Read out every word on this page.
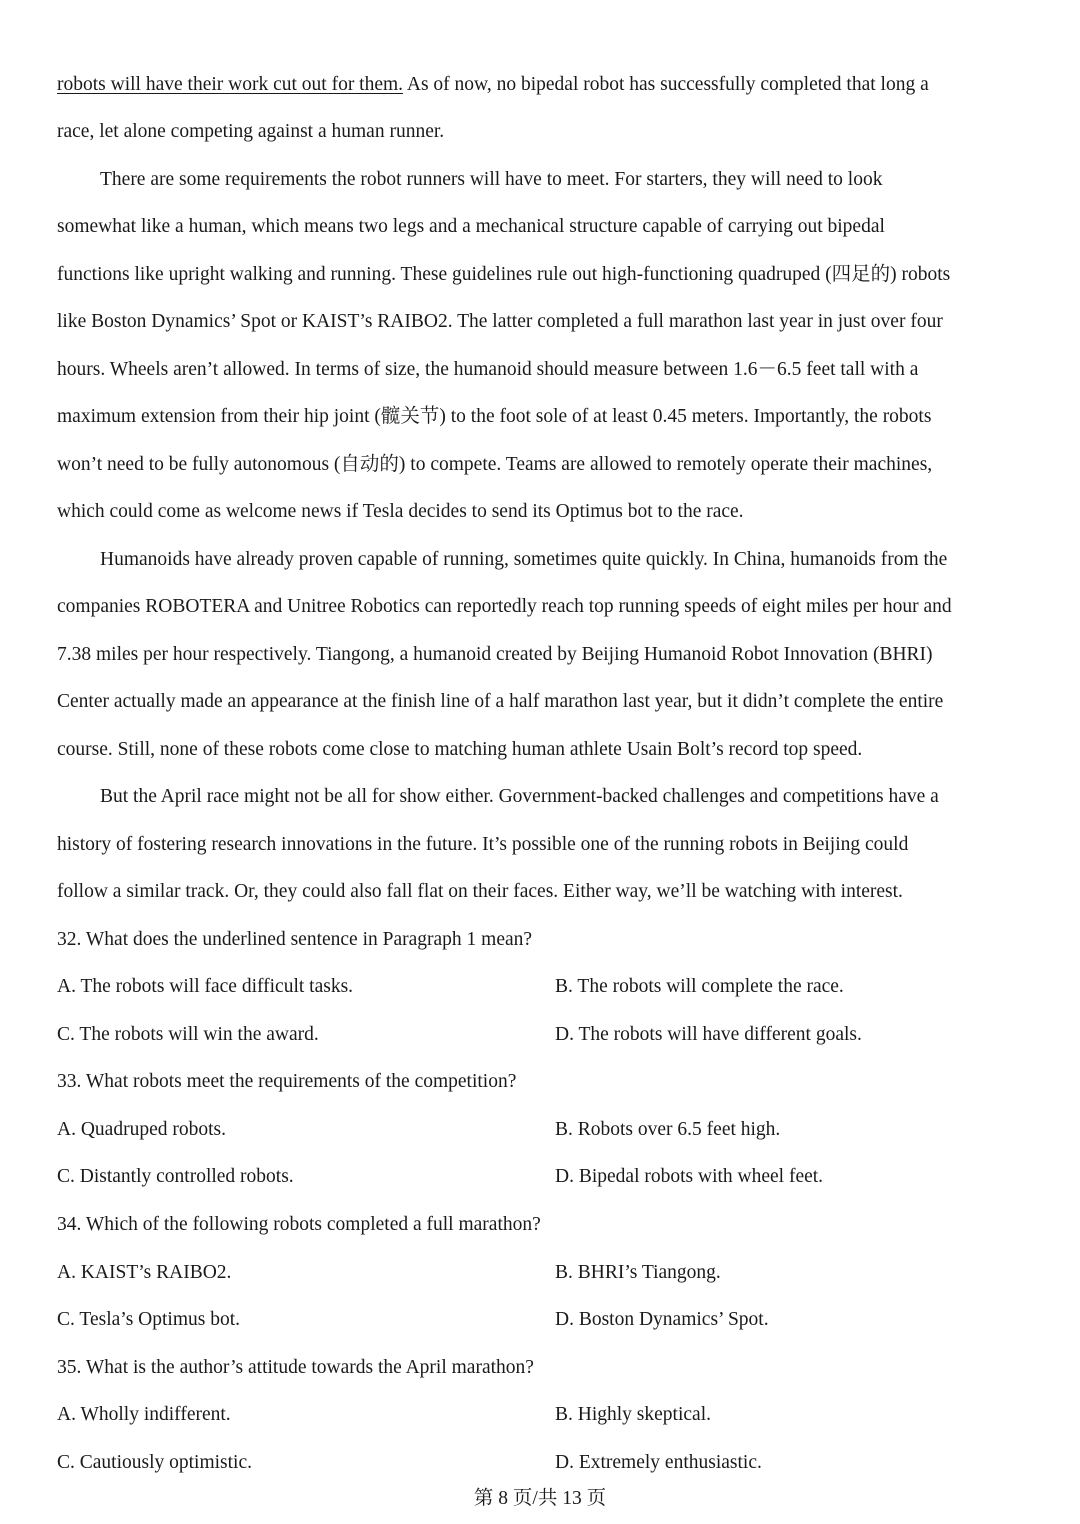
robots will have their work cut out for them. As of now, no bipedal robot has successfully completed that long a
race, let alone competing against a human runner.
There are some requirements the robot runners will have to meet. For starters, they will need to look
somewhat like a human, which means two legs and a mechanical structure capable of carrying out bipedal
functions like upright walking and running. These guidelines rule out high-functioning quadruped (四足的) robots
like Boston Dynamics’ Spot or KAIST’s RAIBO2. The latter completed a full marathon last year in just over four
hours. Wheels aren’t allowed. In terms of size, the humanoid should measure between 1.6－6.5 feet tall with a
maximum extension from their hip joint (髋关节) to the foot sole of at least 0.45 meters. Importantly, the robots
won’t need to be fully autonomous (自动的) to compete. Teams are allowed to remotely operate their machines,
which could come as welcome news if Tesla decides to send its Optimus bot to the race.
Humanoids have already proven capable of running, sometimes quite quickly. In China, humanoids from the
companies ROBOTERA and Unitree Robotics can reportedly reach top running speeds of eight miles per hour and
7.38 miles per hour respectively. Tiangong, a humanoid created by Beijing Humanoid Robot Innovation (BHRI)
Center actually made an appearance at the finish line of a half marathon last year, but it didn’t complete the entire
course. Still, none of these robots come close to matching human athlete Usain Bolt’s record top speed.
But the April race might not be all for show either. Government-backed challenges and competitions have a
history of fostering research innovations in the future. It’s possible one of the running robots in Beijing could
follow a similar track. Or, they could also fall flat on their faces. Either way, we’ll be watching with interest.
32. What does the underlined sentence in Paragraph 1 mean?
A. The robots will face difficult tasks.	B. The robots will complete the race.
C. The robots will win the award.	D. The robots will have different goals.
33. What robots meet the requirements of the competition?
A. Quadruped robots.	B. Robots over 6.5 feet high.
C. Distantly controlled robots.	D. Bipedal robots with wheel feet.
34. Which of the following robots completed a full marathon?
A. KAIST’s RAIBO2.	B. BHRI’s Tiangong.
C. Tesla’s Optimus bot.	D. Boston Dynamics’ Spot.
35. What is the author’s attitude towards the April marathon?
A. Wholly indifferent.	B. Highly skeptical.
C. Cautiously optimistic.	D. Extremely enthusiastic.
第 8 页/共 13 页
